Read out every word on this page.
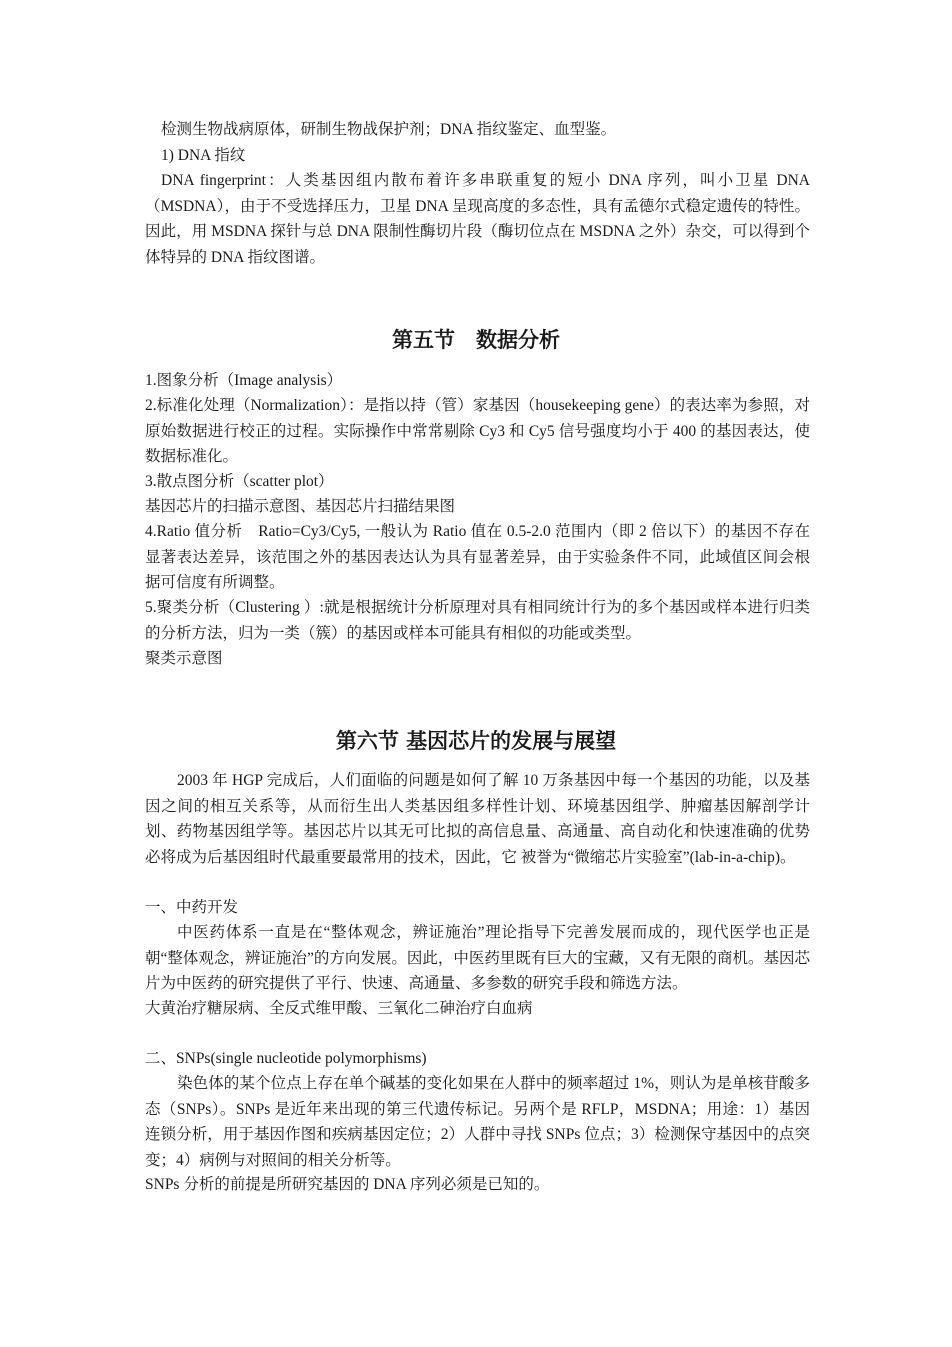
检测生物战病原体，研制生物战保护剂；DNA 指纹鉴定、血型鉴。

1) DNA 指纹

DNA fingerprint：人类基因组内散布着许多串联重复的短小 DNA 序列，叫小卫星 DNA（MSDNA），由于不受选择压力，卫星 DNA 呈现高度的多态性，具有孟德尔式稳定遗传的特性。因此，用 MSDNA 探针与总 DNA 限制性酶切片段（酶切位点在 MSDNA 之外）杂交，可以得到个体特异的 DNA 指纹图谱。

第五节　数据分析

1.图象分析（Image analysis）

2.标准化处理（Normalization）：是指以持（管）家基因（housekeeping gene）的表达率为参照，对原始数据进行校正的过程。实际操作中常常剔除 Cy3 和 Cy5 信号强度均小于 400 的基因表达，使数据标准化。

3.散点图分析（scatter plot）

基因芯片的扫描示意图、基因芯片扫描结果图

4.Ratio 值分析　Ratio=Cy3/Cy5, 一般认为 Ratio 值在 0.5-2.0 范围内（即 2 倍以下）的基因不存在显著表达差异，该范围之外的基因表达认为具有显著差异，由于实验条件不同，此域值区间会根据可信度有所调整。

5.聚类分析（Clustering ）:就是根据统计分析原理对具有相同统计行为的多个基因或样本进行归类的分析方法，归为一类（簇）的基因或样本可能具有相似的功能或类型。

聚类示意图

第六节 基因芯片的发展与展望

2003 年 HGP 完成后，人们面临的问题是如何了解 10 万条基因中每一个基因的功能，以及基因之间的相互关系等，从而衍生出人类基因组多样性计划、环境基因组学、肿瘤基因解剖学计划、药物基因组学等。基因芯片以其无可比拟的高信息量、高通量、高自动化和快速准确的优势必将成为后基因组时代最重要最常用的技术，因此，它 被誉为“微缩芯片实验室”(lab-in-a-chip)。

一、中药开发

中医药体系一直是在“整体观念，辨证施治”理论指导下完善发展而成的，现代医学也正是朝“整体观念，辨证施治”的方向发展。因此，中医药里既有巨大的宝藏，又有无限的商机。基因芯片为中医药的研究提供了平行、快速、高通量、多参数的研究手段和筛选方法。

大黄治疗糖尿病、全反式维甲酸、三氧化二砷治疗白血病

二、SNPs(single nucleotide polymorphisms)

染色体的某个位点上存在单个碱基的变化如果在人群中的频率超过 1%，则认为是单核苷酸多态（SNPs）。SNPs 是近年来出现的第三代遗传标记。另两个是 RFLP，MSDNA；用途：1）基因连锁分析，用于基因作图和疾病基因定位；2）人群中寻找 SNPs 位点；3）检测保守基因中的点突变；4）病例与对照间的相关分析等。

SNPs 分析的前提是所研究基因的 DNA 序列必须是已知的。
